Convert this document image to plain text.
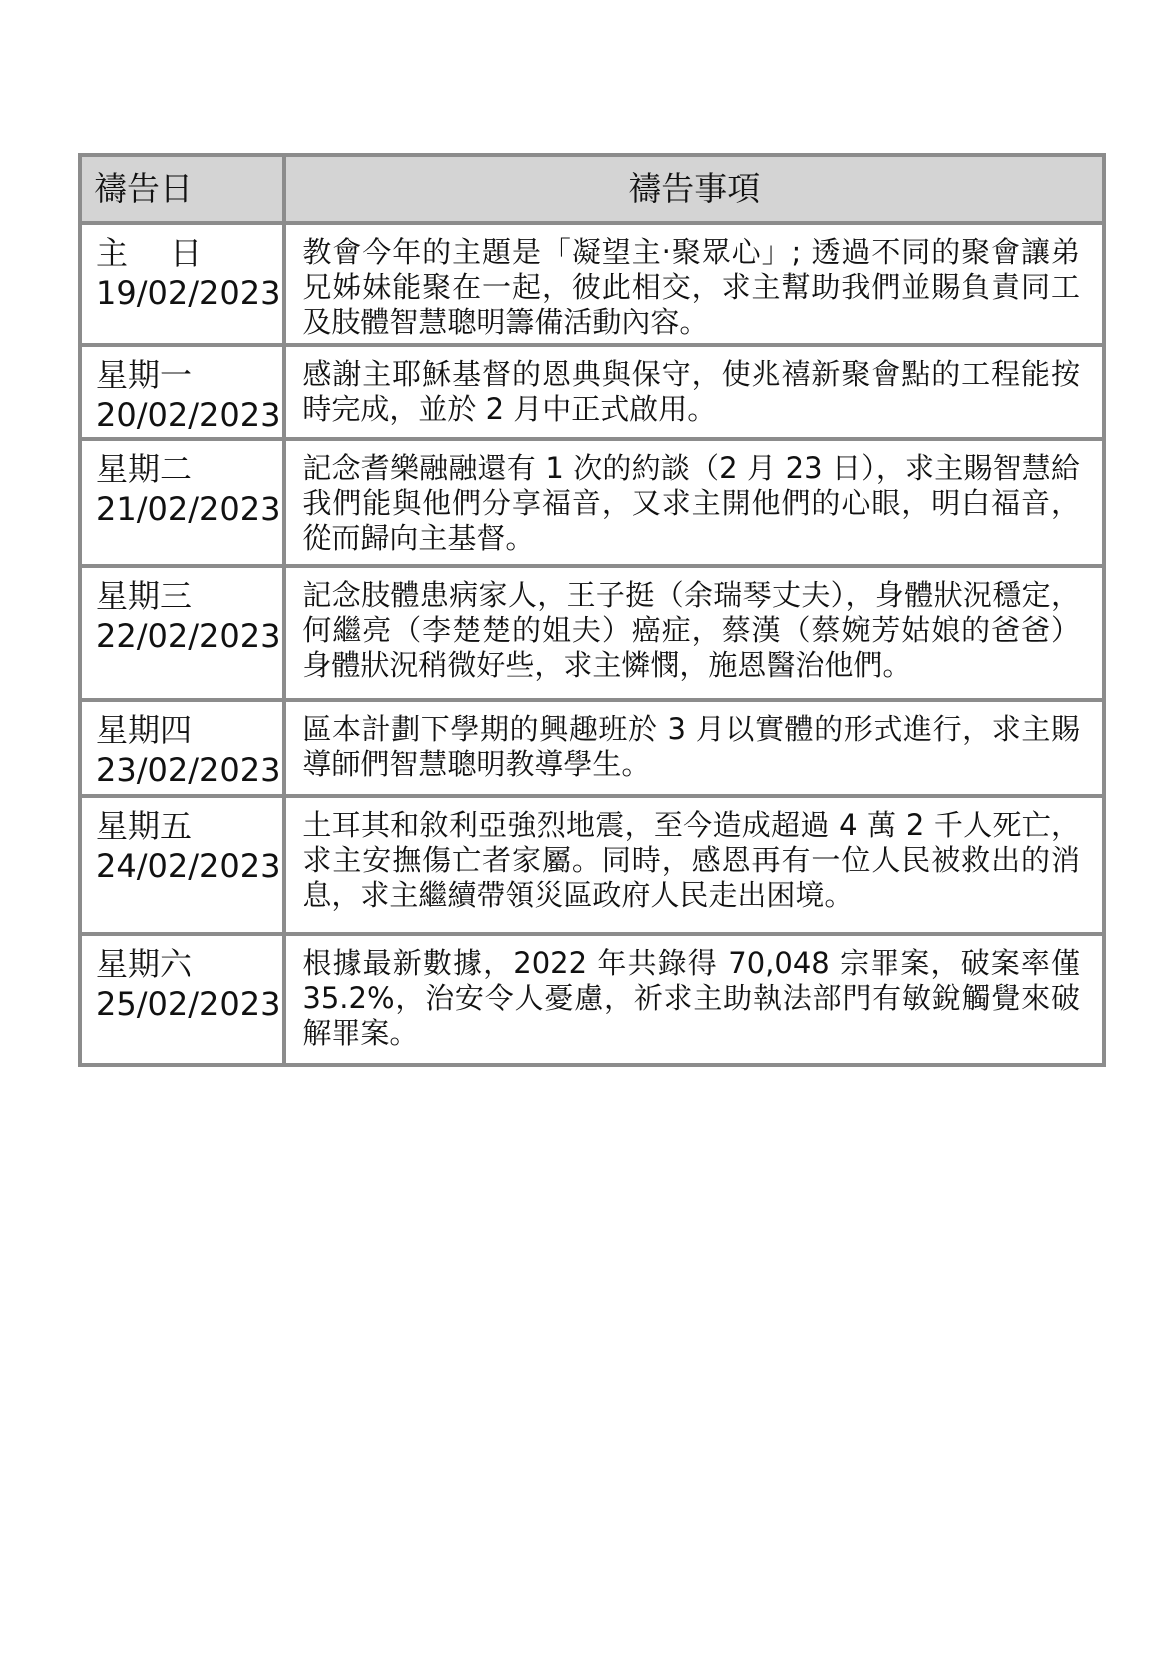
禱告日	禱告事項

主　 日
19/02/2023	教會今年的主題是「凝望主‧聚眾心」; 透過不同的聚會讓弟兄姊妹能聚在一起，彼此相交，求主幫助我們並賜負責同工及肢體智慧聰明籌備活動內容。

星期一
20/02/2023	感謝主耶穌基督的恩典與保守，使兆禧新聚會點的工程能按時完成，並於 2 月中正式啟用。

星期二
21/02/2023	記念耆樂融融還有 1 次的約談（2 月 23 日），求主賜智慧給我們能與他們分享福音，又求主開他們的心眼，明白福音，從而歸向主基督。

星期三
22/02/2023	記念肢體患病家人，王子挺（余瑞琴丈夫），身體狀況穩定，何繼亮（李楚楚的姐夫）癌症，蔡漢（蔡婉芳姑娘的爸爸）身體狀況稍微好些，求主憐憫，施恩醫治他們。

星期四
23/02/2023	區本計劃下學期的興趣班於 3 月以實體的形式進行，求主賜導師們智慧聰明教導學生。

星期五
24/02/2023	土耳其和敘利亞強烈地震，至今造成超過 4 萬 2 千人死亡，求主安撫傷亡者家屬。同時，感恩再有一位人民被救出的消息，求主繼續帶領災區政府人民走出困境。

星期六
25/02/2023	根據最新數據，2022 年共錄得 70,048 宗罪案，破案率僅 35.2%，治安令人憂慮，祈求主助執法部門有敏銳觸覺來破解罪案。
